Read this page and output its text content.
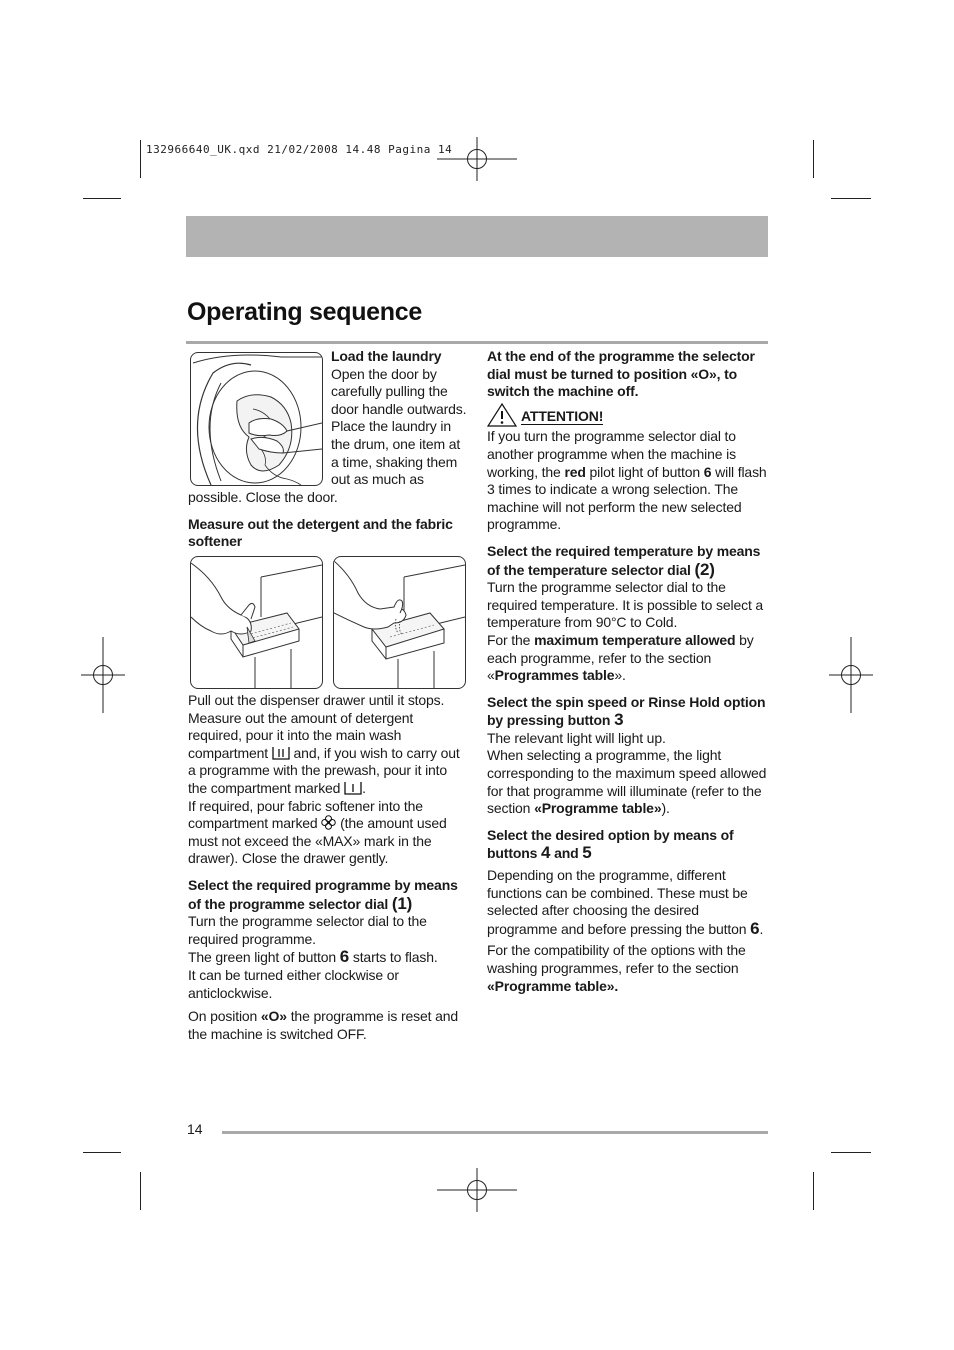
132966640_UK.qxd 21/02/2008 14.48 Pagina 14
Operating sequence

Load the laundry

Open the door by carefully pulling the door handle outwards. Place the laundry in the drum, one item at a time, shaking them out as much as

possible. Close the door.

Measure out the detergent and the fabric softener

Pull out the dispenser drawer until it stops. Measure out the amount of detergent required, pour it into the main wash compartment and, if you wish to carry out a programme with the prewash, pour it into the compartment marked .

If required, pour fabric softener into the compartment marked (the amount used must not exceed the «MAX» mark in the drawer). Close the drawer gently.

Select the required programme by means of the programme selector dial (1)

Turn the programme selector dial to the required programme.

The green light of button 6 starts to flash.

It can be turned either clockwise or anticlockwise.

On position «O» the programme is reset and the machine is switched OFF.

At the end of the programme the selector dial must be turned to position «O», to switch the machine off.

ATTENTION!

If you turn the programme selector dial to another programme when the machine is working, the red pilot light of button 6 will flash 3 times to indicate a wrong selection. The machine will not perform the new selected programme.

Select the required temperature by means of the temperature selector dial (2)

Turn the programme selector dial to the required temperature. It is possible to select a temperature from 90°C to Cold.

For the maximum temperature allowed by each programme, refer to the section «Programmes table».

Select the spin speed or Rinse Hold option by pressing button 3

The relevant light will light up.

When selecting a programme, the light corresponding to the maximum speed allowed for that programme will illuminate (refer to the section «Programme table»).

Select the desired option by means of buttons 4 and 5

Depending on the programme, different functions can be combined. These must be selected after choosing the desired programme and before pressing the button 6.

For the compatibility of the options with the washing programmes, refer to the section «Programme table».

14
